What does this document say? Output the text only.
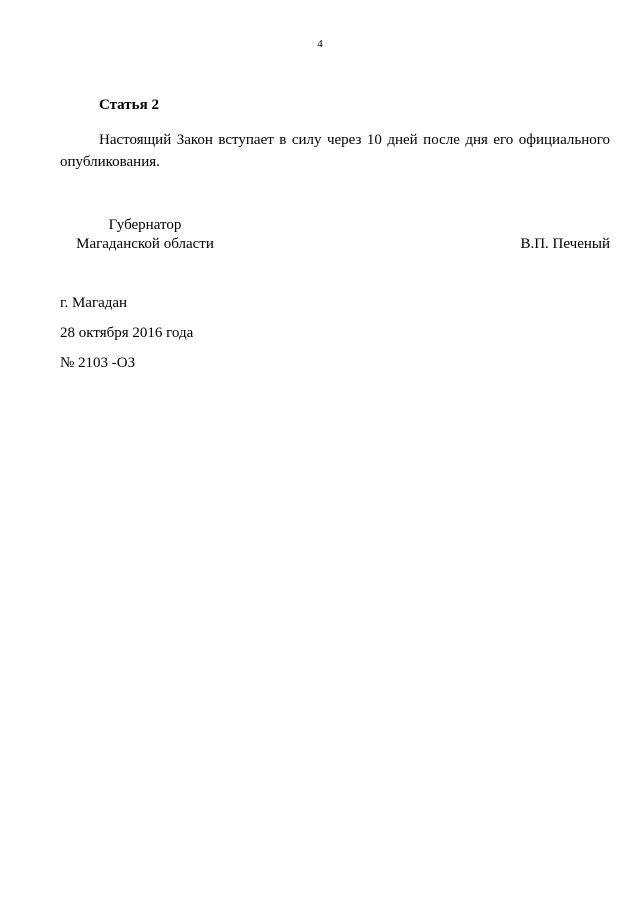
4
Статья 2

Настоящий Закон вступает в силу через 10 дней после дня его официального опубликования.

Губернатор
Магаданской области	В.П. Печеный
г. Магадан
28 октября 2016 года
№ 2103 -ОЗ
